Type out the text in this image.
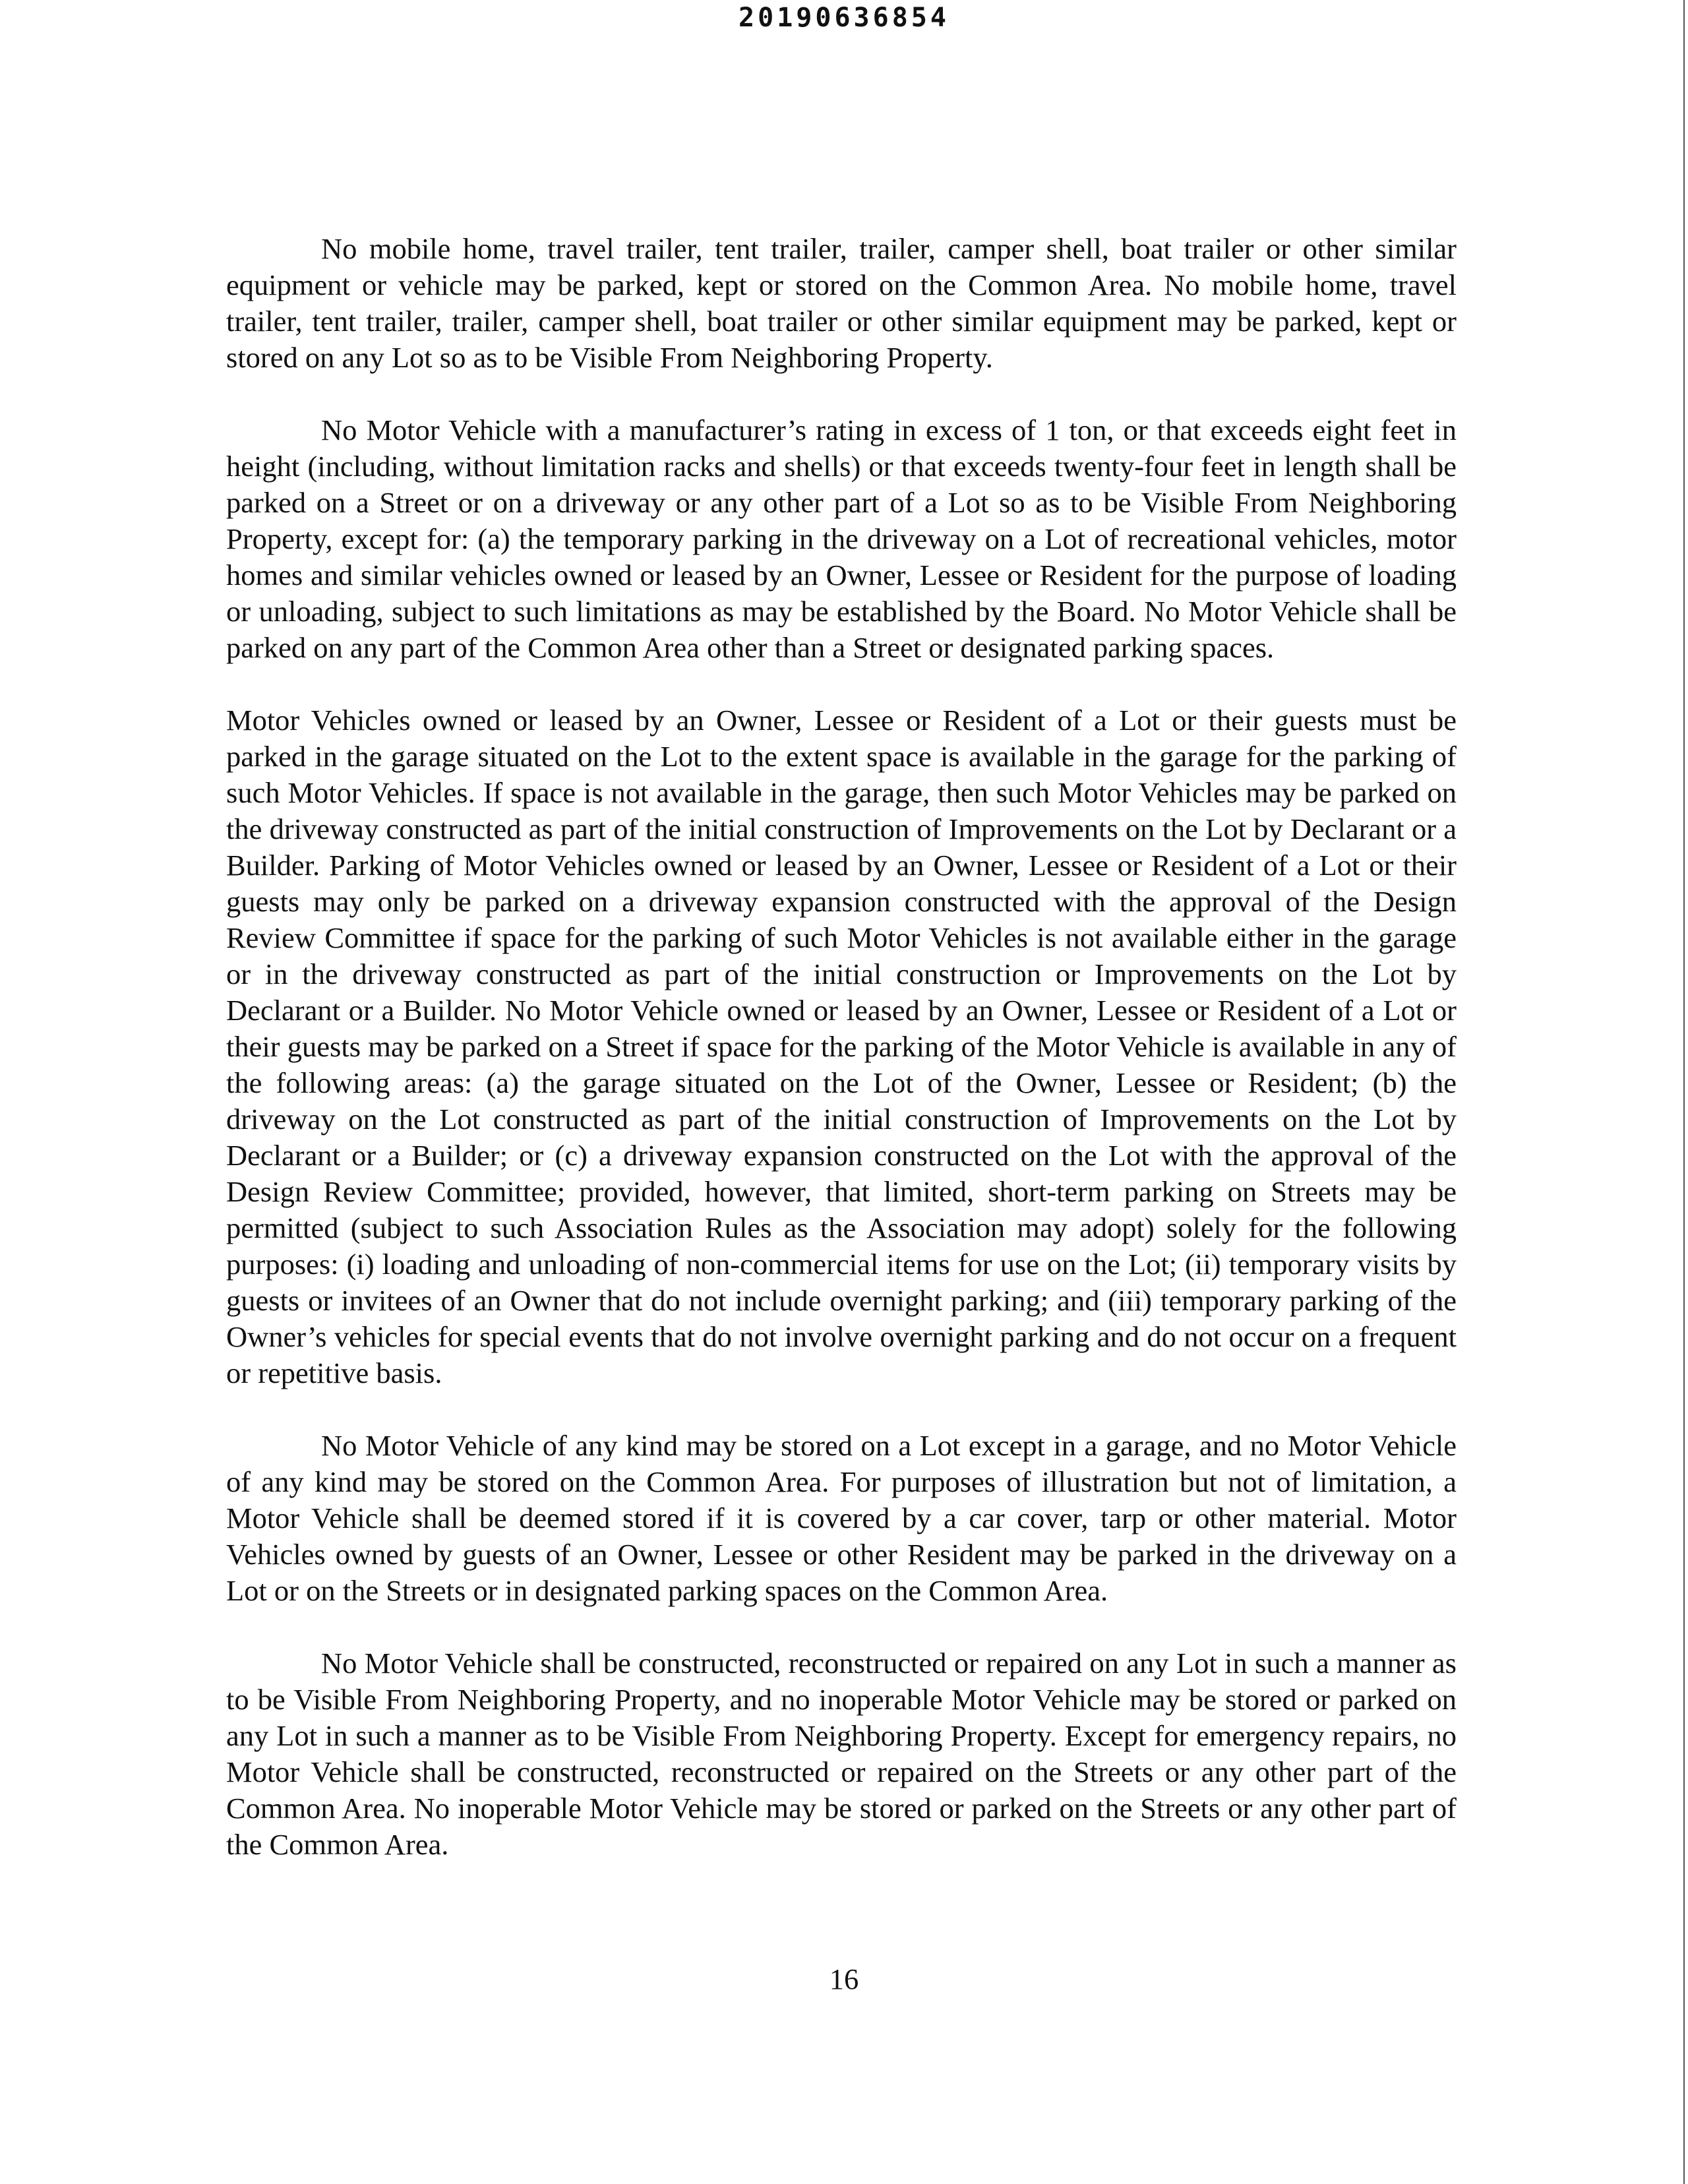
20190636854

No mobile home, travel trailer, tent trailer, trailer, camper shell, boat trailer or other similar equipment or vehicle may be parked, kept or stored on the Common Area. No mobile home, travel trailer, tent trailer, trailer, camper shell, boat trailer or other similar equipment may be parked, kept or stored on any Lot so as to be Visible From Neighboring Property.

No Motor Vehicle with a manufacturer’s rating in excess of 1 ton, or that exceeds eight feet in height (including, without limitation racks and shells) or that exceeds twenty-four feet in length shall be parked on a Street or on a driveway or any other part of a Lot so as to be Visible From Neighboring Property, except for: (a) the temporary parking in the driveway on a Lot of recreational vehicles, motor homes and similar vehicles owned or leased by an Owner, Lessee or Resident for the purpose of loading or unloading, subject to such limitations as may be established by the Board. No Motor Vehicle shall be parked on any part of the Common Area other than a Street or designated parking spaces.

Motor Vehicles owned or leased by an Owner, Lessee or Resident of a Lot or their guests must be parked in the garage situated on the Lot to the extent space is available in the garage for the parking of such Motor Vehicles. If space is not available in the garage, then such Motor Vehicles may be parked on the driveway constructed as part of the initial construction of Improvements on the Lot by Declarant or a Builder. Parking of Motor Vehicles owned or leased by an Owner, Lessee or Resident of a Lot or their guests may only be parked on a driveway expansion constructed with the approval of the Design Review Committee if space for the parking of such Motor Vehicles is not available either in the garage or in the driveway constructed as part of the initial construction or Improvements on the Lot by Declarant or a Builder. No Motor Vehicle owned or leased by an Owner, Lessee or Resident of a Lot or their guests may be parked on a Street if space for the parking of the Motor Vehicle is available in any of the following areas: (a) the garage situated on the Lot of the Owner, Lessee or Resident; (b) the driveway on the Lot constructed as part of the initial construction of Improvements on the Lot by Declarant or a Builder; or (c) a driveway expansion constructed on the Lot with the approval of the Design Review Committee; provided, however, that limited, short-term parking on Streets may be permitted (subject to such Association Rules as the Association may adopt) solely for the following purposes: (i) loading and unloading of non-commercial items for use on the Lot; (ii) temporary visits by guests or invitees of an Owner that do not include overnight parking; and (iii) temporary parking of the Owner’s vehicles for special events that do not involve overnight parking and do not occur on a frequent or repetitive basis.

No Motor Vehicle of any kind may be stored on a Lot except in a garage, and no Motor Vehicle of any kind may be stored on the Common Area. For purposes of illustration but not of limitation, a Motor Vehicle shall be deemed stored if it is covered by a car cover, tarp or other material. Motor Vehicles owned by guests of an Owner, Lessee or other Resident may be parked in the driveway on a Lot or on the Streets or in designated parking spaces on the Common Area.

No Motor Vehicle shall be constructed, reconstructed or repaired on any Lot in such a manner as to be Visible From Neighboring Property, and no inoperable Motor Vehicle may be stored or parked on any Lot in such a manner as to be Visible From Neighboring Property. Except for emergency repairs, no Motor Vehicle shall be constructed, reconstructed or repaired on the Streets or any other part of the Common Area. No inoperable Motor Vehicle may be stored or parked on the Streets or any other part of the Common Area.

16
